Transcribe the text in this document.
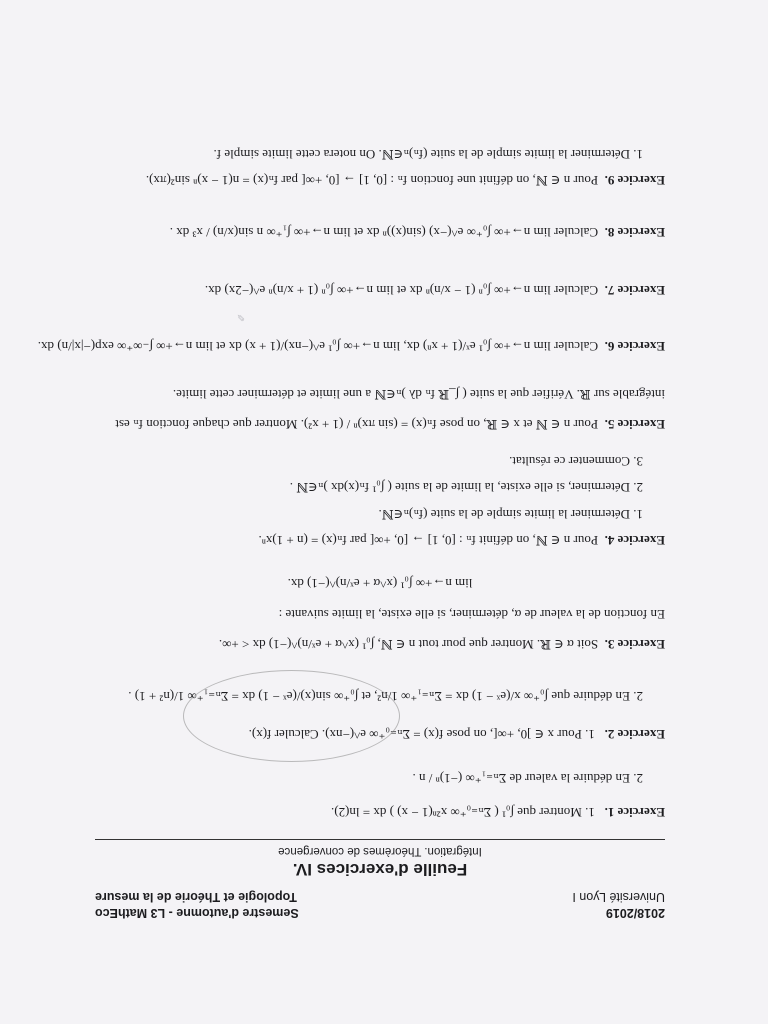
2018/2019
Université Lyon I
Semestre d'automne - L3 MathEco
Topologie et Théorie de la mesure
Feuille d'exercices IV.
Intégration. Théorèmes de convergence
Exercice 1.   1. Montrer que ∫₀¹ ( Σₙ₌₀⁺∞ x²ⁿ(1 − x) ) dx = ln(2).
2. En déduire la valeur de Σₙ₌₁⁺∞ (−1)ⁿ / n .
Exercice 2.   1. Pour x ∈ ]0, +∞[, on pose f(x) = Σₙ₌₀⁺∞ e^(−nx). Calculer f(x).
2. En déduire que ∫₀⁺∞ x/(eˣ − 1) dx = Σₙ₌₁⁺∞ 1/n², et ∫₀⁺∞ sin(x)/(eˣ − 1) dx = Σₙ₌₁⁺∞ 1/(n² + 1) .
Exercice 3.  Soit α ∈ ℝ. Montrer que pour tout n ∈ ℕ, ∫₀¹ (x^α + eˣ/n)^(−1) dx < +∞.
En fonction de la valeur de α, déterminer, si elle existe, la limite suivante :
lim n→+∞ ∫₀¹ (x^α + eˣ/n)^(−1) dx.
Exercice 4.  Pour n ∈ ℕ, on définit fₙ : [0, 1] → [0, +∞[ par fₙ(x) = (n + 1)xⁿ.
1. Déterminer la limite simple de la suite (fₙ)ₙ∈ℕ.
2. Déterminer, si elle existe, la limite de la suite ( ∫₀¹ fₙ(x)dx )ₙ∈ℕ .
3. Commenter ce résultat.
Exercice 5.  Pour n ∈ ℕ et x ∈ ℝ, on pose fₙ(x) = (sin πx)ⁿ / (1 + x²). Montrer que chaque fonction fₙ est
intégrable sur ℝ. Vérifier que la suite ( ∫_ℝ fₙ dλ )ₙ∈ℕ a une limite et déterminer cette limite.
Exercice 6.  Calculer lim n→+∞ ∫₀¹ eˣ/(1 + xⁿ) dx, lim n→+∞ ∫₀¹ e^(−nx)/(1 + x) dx et lim n→+∞ ∫₋∞⁺∞ exp(−|x|/n) dx.
Exercice 7.  Calculer lim n→+∞ ∫₀ⁿ (1 − x/n)ⁿ dx et lim n→+∞ ∫₀ⁿ (1 + x/n)ⁿ e^(−2x) dx.
Exercice 8.  Calculer lim n→+∞ ∫₀⁺∞ e^(−x) (sin(x))ⁿ dx et lim n→+∞ ∫₁⁺∞ n sin(x/n) / x³ dx .
Exercice 9.  Pour n ∈ ℕ, on définit une fonction fₙ : [0, 1] → [0, +∞[ par fₙ(x) = n(1 − x)ⁿ sin²(πx).
1. Déterminer la limite simple de la suite (fₙ)ₙ∈ℕ. On notera cette limite simple f.
✎
